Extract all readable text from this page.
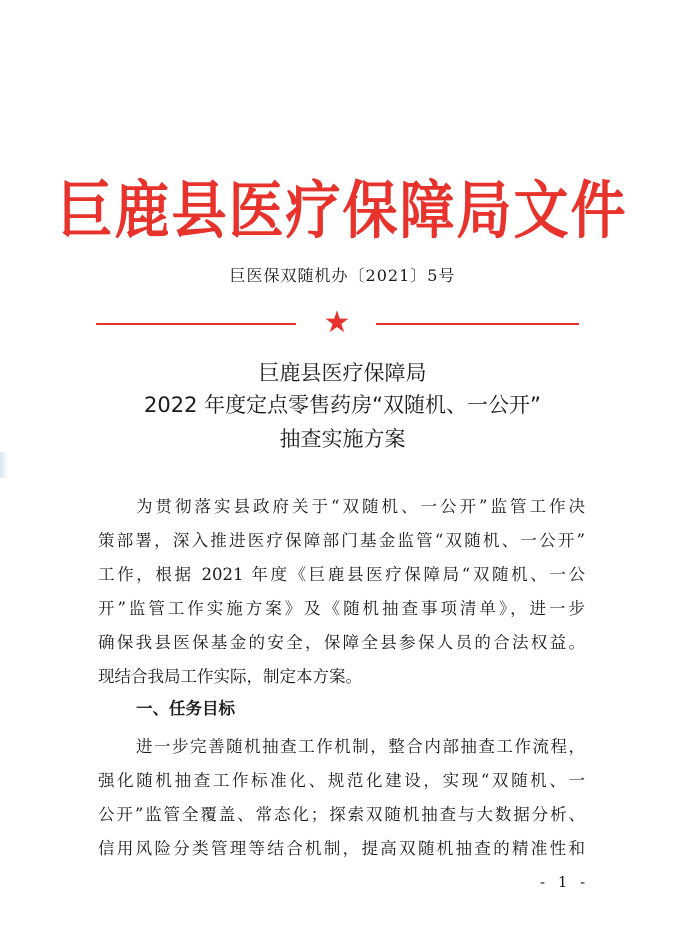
巨鹿县医疗保障局文件
巨医保双随机办〔2021〕5号
★
巨鹿县医疗保障局
2022 年度定点零售药房“双随机、一公开”
抽查实施方案
为贯彻落实县政府关于“双随机、一公开”监管工作决
策部署，深入推进医疗保障部门基金监管“双随机、一公开”
工作，根据 2021 年度《巨鹿县医疗保障局“双随机、一公
开”监管工作实施方案》及《随机抽查事项清单》，进一步
确保我县医保基金的安全，保障全县参保人员的合法权益。
现结合我局工作实际，制定本方案。
一、任务目标
进一步完善随机抽查工作机制，整合内部抽查工作流程，
强化随机抽查工作标准化、规范化建设，实现“双随机、一
公开”监管全覆盖、常态化；探索双随机抽查与大数据分析、
信用风险分类管理等结合机制，提高双随机抽查的精准性和
- 1 -
